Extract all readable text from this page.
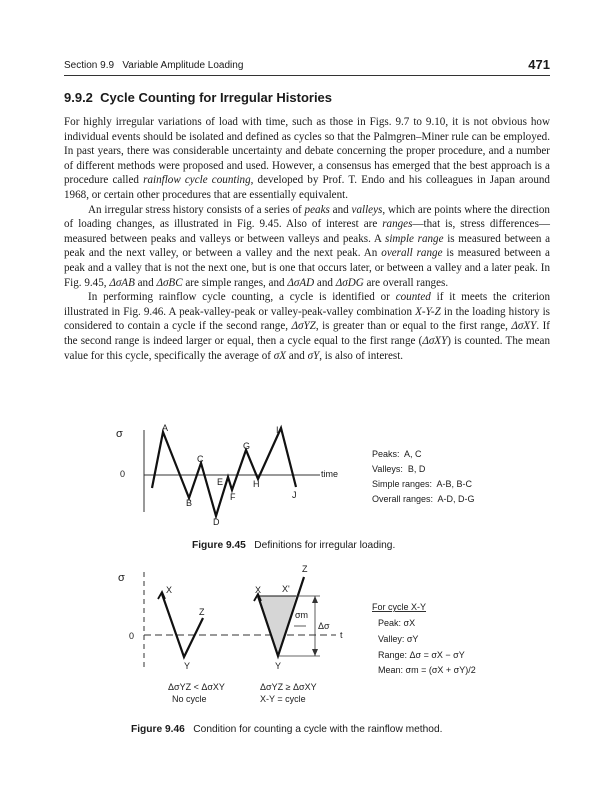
Section 9.9   Variable Amplitude Loading	471
9.9.2  Cycle Counting for Irregular Histories

For highly irregular variations of load with time, such as those in Figs. 9.7 to 9.10, it is not obvious how individual events should be isolated and defined as cycles so that the Palmgren–Miner rule can be employed. In past years, there was considerable uncertainty and debate concerning the proper procedure, and a number of different methods were proposed and used. However, a consensus has emerged that the best approach is a procedure called rainflow cycle counting, developed by Prof. T. Endo and his colleagues in Japan around 1968, or certain other procedures that are essentially equivalent.

An irregular stress history consists of a series of peaks and valleys, which are points where the direction of loading changes, as illustrated in Fig. 9.45. Also of interest are ranges—that is, stress differences—measured between peaks and valleys or between valleys and peaks. A simple range is measured between a peak and the next valley, or between a valley and the next peak. An overall range is measured between a peak and a valley that is not the next one, but is one that occurs later, or between a valley and a later peak. In Fig. 9.45, ΔσAB and ΔσBC are simple ranges, and ΔσAD and ΔσDG are overall ranges.

In performing rainflow cycle counting, a cycle is identified or counted if it meets the criterion illustrated in Fig. 9.46. A peak-valley-peak or valley-peak-valley combination X-Y-Z in the loading history is considered to contain a cycle if the second range, ΔσYZ, is greater than or equal to the first range, ΔσXY. If the second range is indeed larger or equal, then a cycle equal to the first range (ΔσXY) is counted. The mean value for this cycle, specifically the average of σX and σY, is also of interest.

σ
0	time
A
B
C
D
E
F
G
H
I
J
Peaks:  A, C
Valleys:  B, D
Simple ranges:  A-B, B-C
Overall ranges:  A-D, D-G
Figure 9.45 Definitions for irregular loading.
σ
0	t
X
Z
Y
ΔσYZ < ΔσXY
No cycle
X X'
Z
Y
Δσ
σm
ΔσYZ ≥ ΔσXY
X-Y = cycle
For cycle X-Y
Peak: σX
Valley: σY
Range: Δσ = σX − σY
Mean: σm = (σX + σY)/2
Figure 9.46 Condition for counting a cycle with the rainflow method.
